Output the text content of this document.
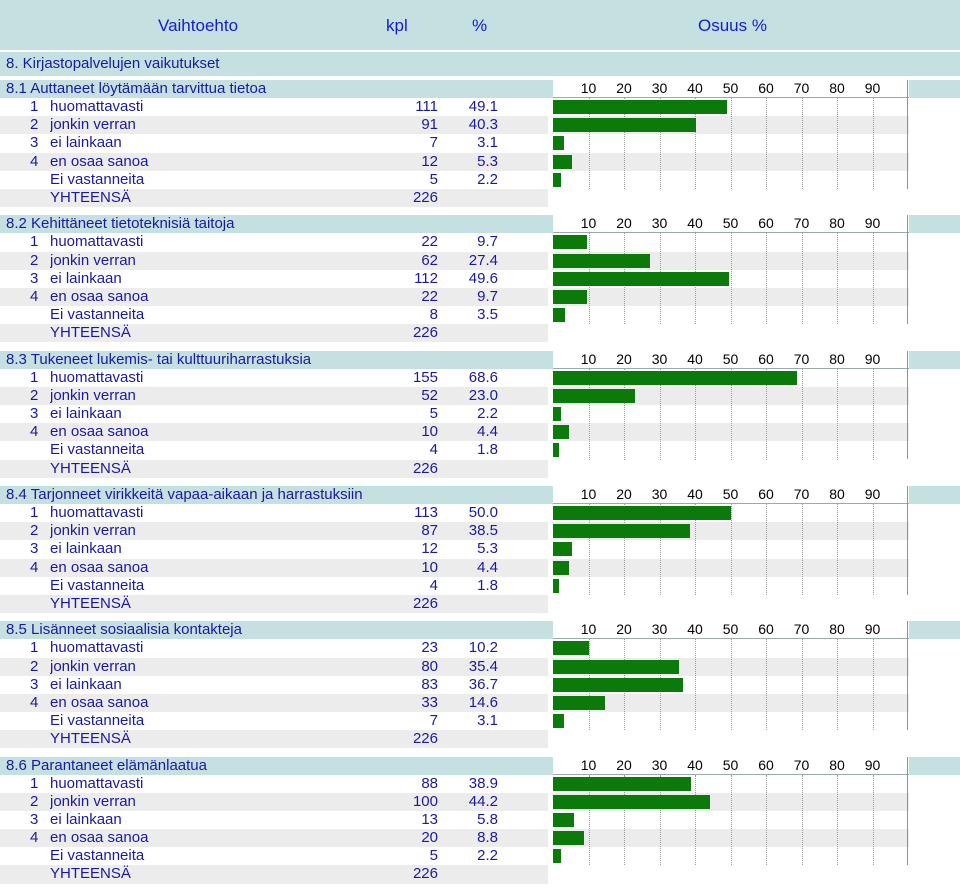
Vaihtoehto	kpl	%	Osuus %
8. Kirjastopalvelujen vaikutukset
8.1 Auttaneet löytämään tarvittua tietoa	10	20	30	40	50	60	70	80	90
1 huomattavasti	111	49.1
2 jonkin verran	91	40.3
3 ei lainkaan	7	3.1
4 en osaa sanoa	12	5.3
Ei vastanneita	5	2.2
YHTEENSÄ	226
8.2 Kehittäneet tietoteknisiä taitoja	10	20	30	40	50	60	70	80	90
1 huomattavasti	22	9.7
2 jonkin verran	62	27.4
3 ei lainkaan	112	49.6
4 en osaa sanoa	22	9.7
Ei vastanneita	8	3.5
YHTEENSÄ	226
8.3 Tukeneet lukemis- tai kulttuuriharrastuksia	10	20	30	40	50	60	70	80	90
1 huomattavasti	155	68.6
2 jonkin verran	52	23.0
3 ei lainkaan	5	2.2
4 en osaa sanoa	10	4.4
Ei vastanneita	4	1.8
YHTEENSÄ	226
8.4 Tarjonneet virikkeitä vapaa-aikaan ja harrastuksiin	10	20	30	40	50	60	70	80	90
1 huomattavasti	113	50.0
2 jonkin verran	87	38.5
3 ei lainkaan	12	5.3
4 en osaa sanoa	10	4.4
Ei vastanneita	4	1.8
YHTEENSÄ	226
8.5 Lisänneet sosiaalisia kontakteja	10	20	30	40	50	60	70	80	90
1 huomattavasti	23	10.2
2 jonkin verran	80	35.4
3 ei lainkaan	83	36.7
4 en osaa sanoa	33	14.6
Ei vastanneita	7	3.1
YHTEENSÄ	226
8.6 Parantaneet elämänlaatua	10	20	30	40	50	60	70	80	90
1 huomattavasti	88	38.9
2 jonkin verran	100	44.2
3 ei lainkaan	13	5.8
4 en osaa sanoa	20	8.8
Ei vastanneita	5	2.2
YHTEENSÄ	226
